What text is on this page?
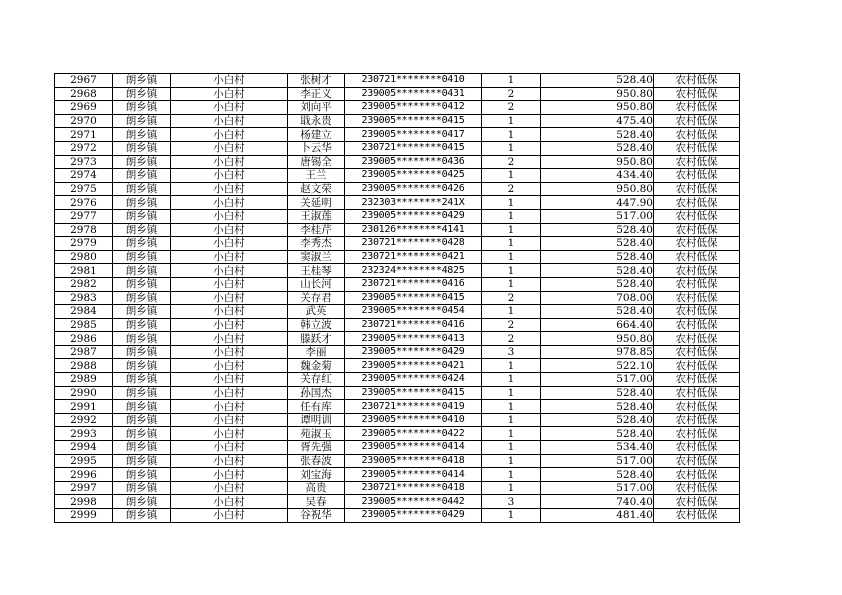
2967	朗乡镇	小白村	张树才	230721********0410	1	528.40	农村低保
2968	朗乡镇	小白村	李正义	239005********0431	2	950.80	农村低保
2969	朗乡镇	小白村	刘向平	239005********0412	2	950.80	农村低保
2970	朗乡镇	小白村	戢永贵	239005********0415	1	475.40	农村低保
2971	朗乡镇	小白村	杨建立	239005********0417	1	528.40	农村低保
2972	朗乡镇	小白村	卜云华	230721********0415	1	528.40	农村低保
2973	朗乡镇	小白村	唐锡全	239005********0436	2	950.80	农村低保
2974	朗乡镇	小白村	王兰	239005********0425	1	434.40	农村低保
2975	朗乡镇	小白村	赵文荣	239005********0426	2	950.80	农村低保
2976	朗乡镇	小白村	关延明	232303********241X	1	447.90	农村低保
2977	朗乡镇	小白村	王淑莲	239005********0429	1	517.00	农村低保
2978	朗乡镇	小白村	李桂芹	230126********4141	1	528.40	农村低保
2979	朗乡镇	小白村	李秀杰	230721********0428	1	528.40	农村低保
2980	朗乡镇	小白村	窦淑兰	230721********0421	1	528.40	农村低保
2981	朗乡镇	小白村	王桂琴	232324********4825	1	528.40	农村低保
2982	朗乡镇	小白村	山长河	230721********0416	1	528.40	农村低保
2983	朗乡镇	小白村	关存君	239005********0415	2	708.00	农村低保
2984	朗乡镇	小白村	武英	239005********0454	1	528.40	农村低保
2985	朗乡镇	小白村	韩立波	230721********0416	2	664.40	农村低保
2986	朗乡镇	小白村	滕跃才	239005********0413	2	950.80	农村低保
2987	朗乡镇	小白村	李丽	239005********0429	3	978.85	农村低保
2988	朗乡镇	小白村	魏金菊	239005********0421	1	522.10	农村低保
2989	朗乡镇	小白村	关存红	239005********0424	1	517.00	农村低保
2990	朗乡镇	小白村	孙国杰	239005********0415	1	528.40	农村低保
2991	朗乡镇	小白村	任有库	230721********0419	1	528.40	农村低保
2992	朗乡镇	小白村	谭明训	239005********0410	1	528.40	农村低保
2993	朗乡镇	小白村	苑淑玉	239005********0422	1	528.40	农村低保
2994	朗乡镇	小白村	胥先强	239005********0414	1	534.40	农村低保
2995	朗乡镇	小白村	张春波	239005********0418	1	517.00	农村低保
2996	朗乡镇	小白村	刘宝海	239005********0414	1	528.40	农村低保
2997	朗乡镇	小白村	高贵	230721********0418	1	517.00	农村低保
2998	朗乡镇	小白村	吴春	239005********0442	3	740.40	农村低保
2999	朗乡镇	小白村	谷祝华	239005********0429	1	481.40	农村低保
